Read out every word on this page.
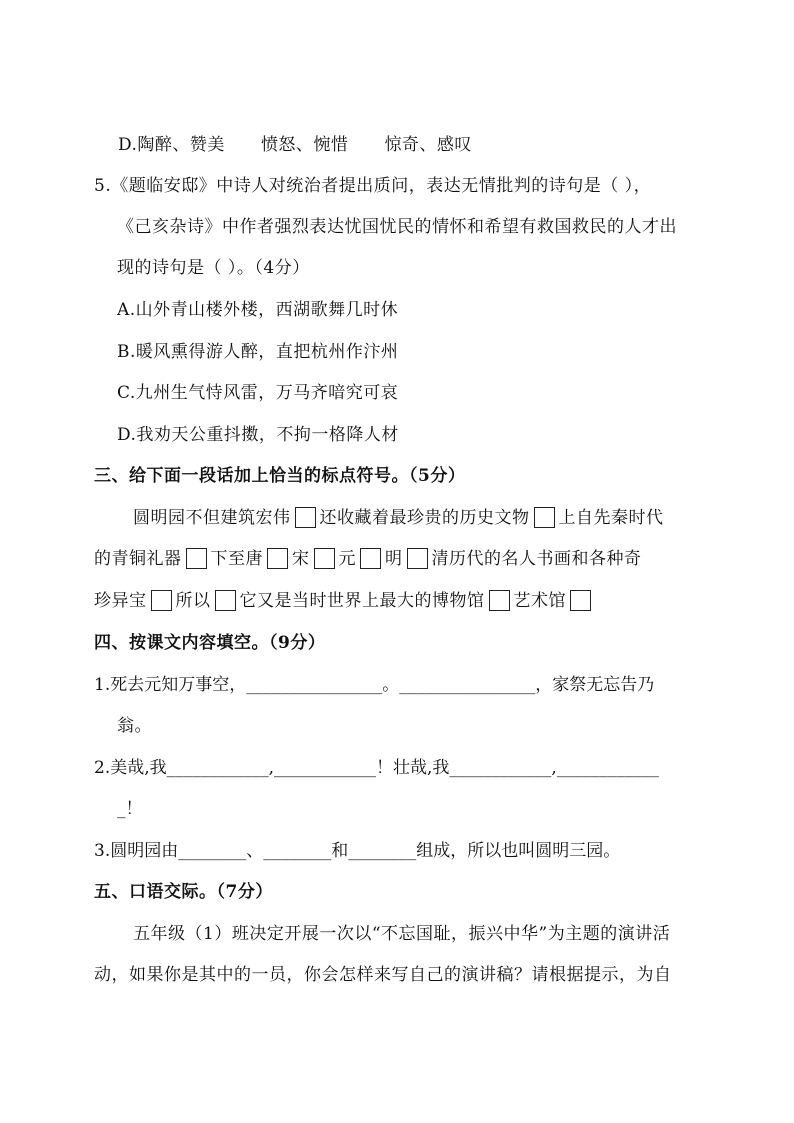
D.陶醉、赞美 愤怒、惋惜 惊奇、感叹
5.《题临安邸》中诗人对统治者提出质问，表达无情批判的诗句是（ ），
《己亥杂诗》中作者强烈表达忧国忧民的情怀和希望有救国救民的人才出
现的诗句是（ ）。（4分）
A.山外青山楼外楼，西湖歌舞几时休
B.暖风熏得游人醉，直把杭州作汴州
C.九州生气恃风雷，万马齐喑究可哀
D.我劝天公重抖擞，不拘一格降人材
三、给下面一段话加上恰当的标点符号。（5分）
圆明园不但建筑宏伟 还收藏着最珍贵的历史文物 上自先秦时代
的青铜礼器 下至唐 宋 元 明 清历代的名人书画和各种奇
珍异宝 所以 它又是当时世界上最大的博物馆 艺术馆
四、按课文内容填空。（9分）
1.死去元知万事空，________________。________________，家祭无忘告乃
翁。
2.美哉,我____________,____________！壮哉,我____________,____________
_！
3.圆明园由________、________和________组成，所以也叫圆明三园。
五、口语交际。（7分）
五年级（1）班决定开展一次以“不忘国耻，振兴中华”为主题的演讲活
动，如果你是其中的一员，你会怎样来写自己的演讲稿？请根据提示，为自
